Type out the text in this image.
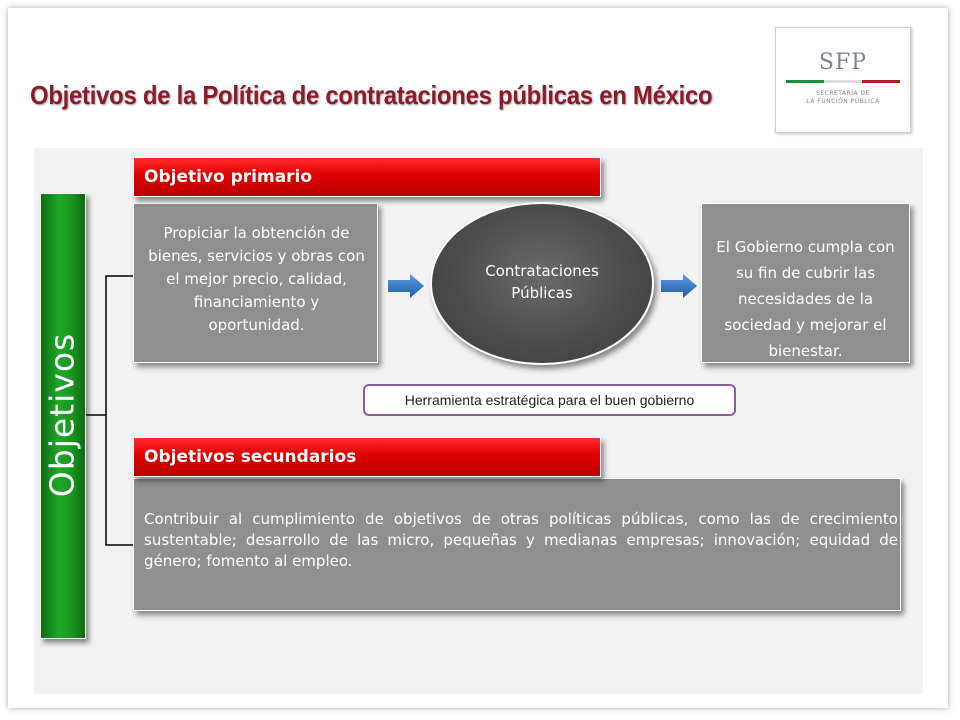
Objetivos de la Política de contrataciones públicas en México
SFP
SECRETARÍA DE
LA FUNCIÓN PÚBLICA
Objetivos
Propiciar la obtención de bienes, servicios y obras con el mejor precio, calidad, financiamiento y oportunidad.
Objetivo primario
Contrataciones
Públicas
El Gobierno cumpla con su fin de cubrir las necesidades de la sociedad y mejorar el bienestar.
Herramienta estratégica para el buen gobierno
Contribuir al cumplimiento de objetivos de otras políticas públicas, como las de crecimiento sustentable; desarrollo de las micro, pequeñas y medianas empresas; innovación; equidad de género; fomento al empleo.
Objetivos secundarios
